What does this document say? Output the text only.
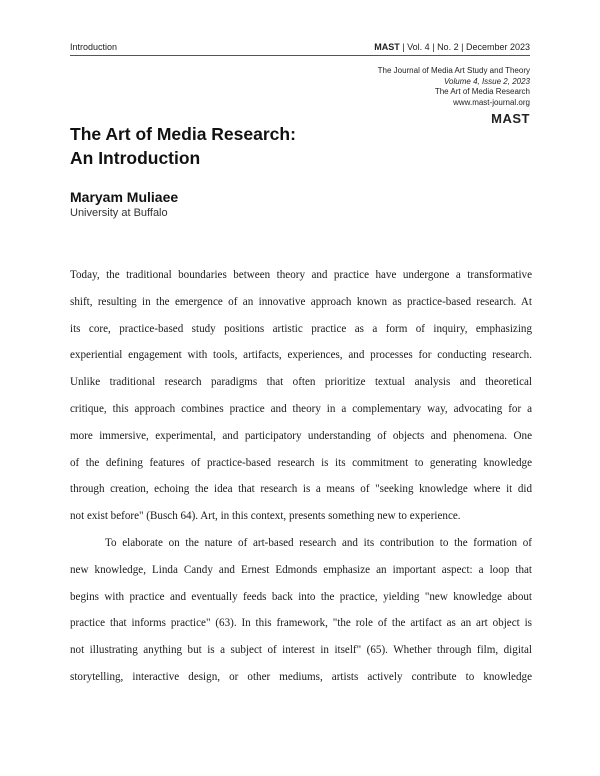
Introduction	MAST | Vol. 4 | No. 2 | December 2023
The Journal of Media Art Study and Theory
Volume 4, Issue 2, 2023
The Art of Media Research
www.mast-journal.org
MAST
The Art of Media Research:
An Introduction
Maryam Muliaee
University at Buffalo
Today, the traditional boundaries between theory and practice have undergone a transformative
shift, resulting in the emergence of an innovative approach known as practice-based research. At
its core, practice-based study positions artistic practice as a form of inquiry, emphasizing
experiential engagement with tools, artifacts, experiences, and processes for conducting research.
Unlike traditional research paradigms that often prioritize textual analysis and theoretical
critique, this approach combines practice and theory in a complementary way, advocating for a
more immersive, experimental, and participatory understanding of objects and phenomena. One
of the defining features of practice-based research is its commitment to generating knowledge
through creation, echoing the idea that research is a means of "seeking knowledge where it did
not exist before" (Busch 64). Art, in this context, presents something new to experience.
To elaborate on the nature of art-based research and its contribution to the formation of
new knowledge, Linda Candy and Ernest Edmonds emphasize an important aspect: a loop that
begins with practice and eventually feeds back into the practice, yielding "new knowledge about
practice that informs practice" (63). In this framework, "the role of the artifact as an art object is
not illustrating anything but is a subject of interest in itself" (65). Whether through film, digital
storytelling, interactive design, or other mediums, artists actively contribute to knowledge
